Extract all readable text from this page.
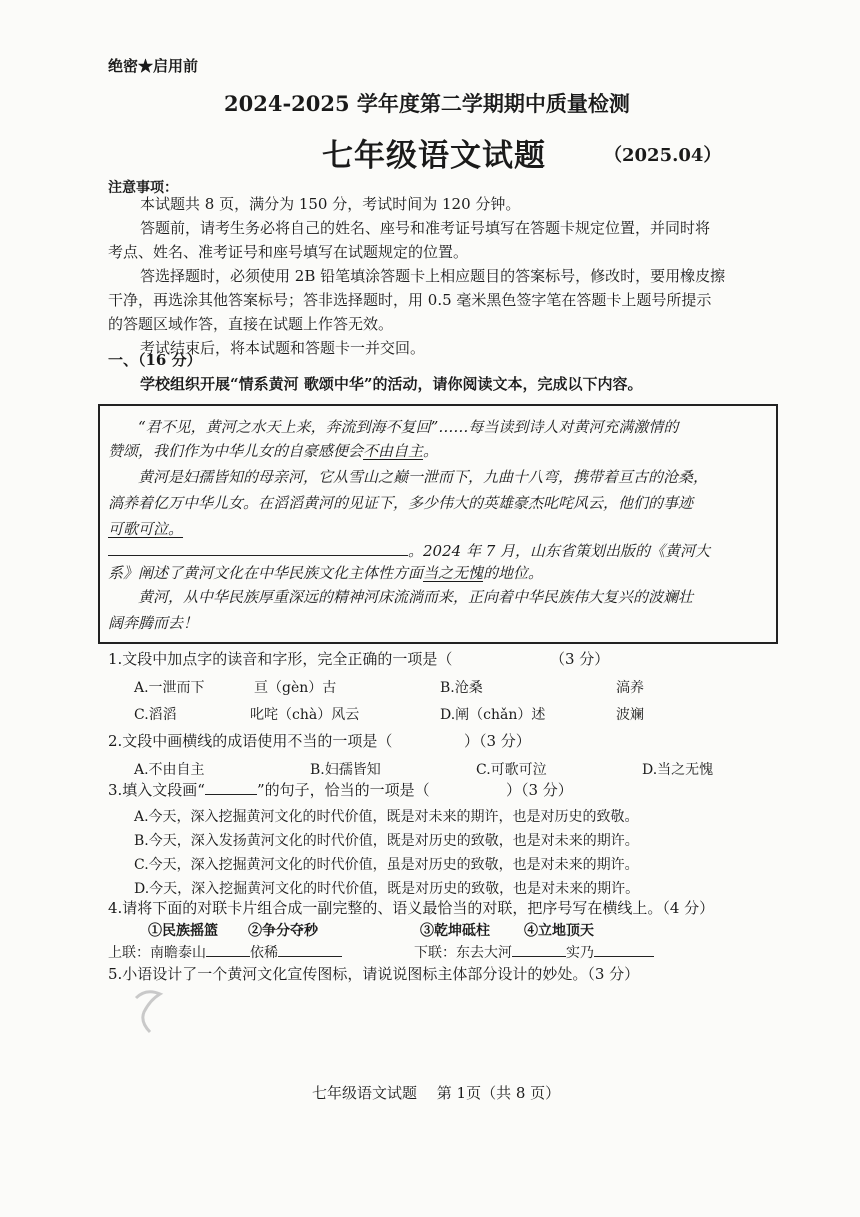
绝密★启用前
2024-2025 学年度第二学期期中质量检测
七年级语文试题	（2025.04）
注意事项：
本试题共 8 页，满分为 150 分，考试时间为 120 分钟。
答题前，请考生务必将自己的姓名、座号和准考证号填写在答题卡规定位置，并同时将
考点、姓名、准考证号和座号填写在试题规定的位置。
答选择题时，必须使用 2B 铅笔填涂答题卡上相应题目的答案标号，修改时，要用橡皮擦
干净，再选涂其他答案标号；答非选择题时，用 0.5 毫米黑色签字笔在答题卡上题号所提示
的答题区域作答，直接在试题上作答无效。
考试结束后，将本试题和答题卡一并交回。
一、（16 分）
学校组织开展“情系黄河 歌颂中华”的活动，请你阅读文本，完成以下内容。
“君不见，黄河之水天上来，奔流到海不复回”……每当读到诗人对黄河充满激情的
赞颂，我们作为中华儿女的自豪感便会不由自主。
黄河是妇孺皆知的母亲河，它从雪山之巅一泄而下，九曲十八弯，携带着亘古的沧桑，
滈养着亿万中华儿女。在滔滔黄河的见证下，多少伟大的英雄豪杰叱咤风云，他们的事迹
可歌可泣。
。2024 年 7 月，山东省策划出版的《黄河大
系》阐述了黄河文化在中华民族文化主体性方面当之无愧的地位。
黄河，从中华民族厚重深远的精神河床流淌而来，正向着中华民族伟大复兴的波斓壮
阔奔腾而去！
1.文段中加点字的读音和字形，完全正确的一项是（	（3 分）
A.一泄而下	亘（gèn）古	B.沧桑	滈养
C.滔滔	叱咤（chà）风云	D.阐（chǎn）述	波斓
2.文段中画横线的成语使用不当的一项是（	）（3 分）
A.不由自主	B.妇孺皆知	C.可歌可泣	D.当之无愧
3.填入文段画“	”的句子，恰当的一项是（	）（3 分）
A.今天，深入挖掘黄河文化的时代价值，既是对未来的期许，也是对历史的致敬。
B.今天，深入发扬黄河文化的时代价值，既是对历史的致敬，也是对未来的期许。
C.今天，深入挖掘黄河文化的时代价值，虽是对历史的致敬，也是对未来的期许。
D.今天，深入挖掘黄河文化的时代价值，既是对历史的致敬，也是对未来的期许。
4.请将下面的对联卡片组合成一副完整的、语义最恰当的对联，把序号写在横线上。（4 分）
①民族摇篮 ②争分夺秒	③乾坤砥柱 ④立地顶天
上联：南瞻泰山	依稀	下联：东去大河	实乃
5.小语设计了一个黄河文化宣传图标，请说说图标主体部分设计的妙处。（3 分）
七年级语文试题　 第 1页（共 8 页）
